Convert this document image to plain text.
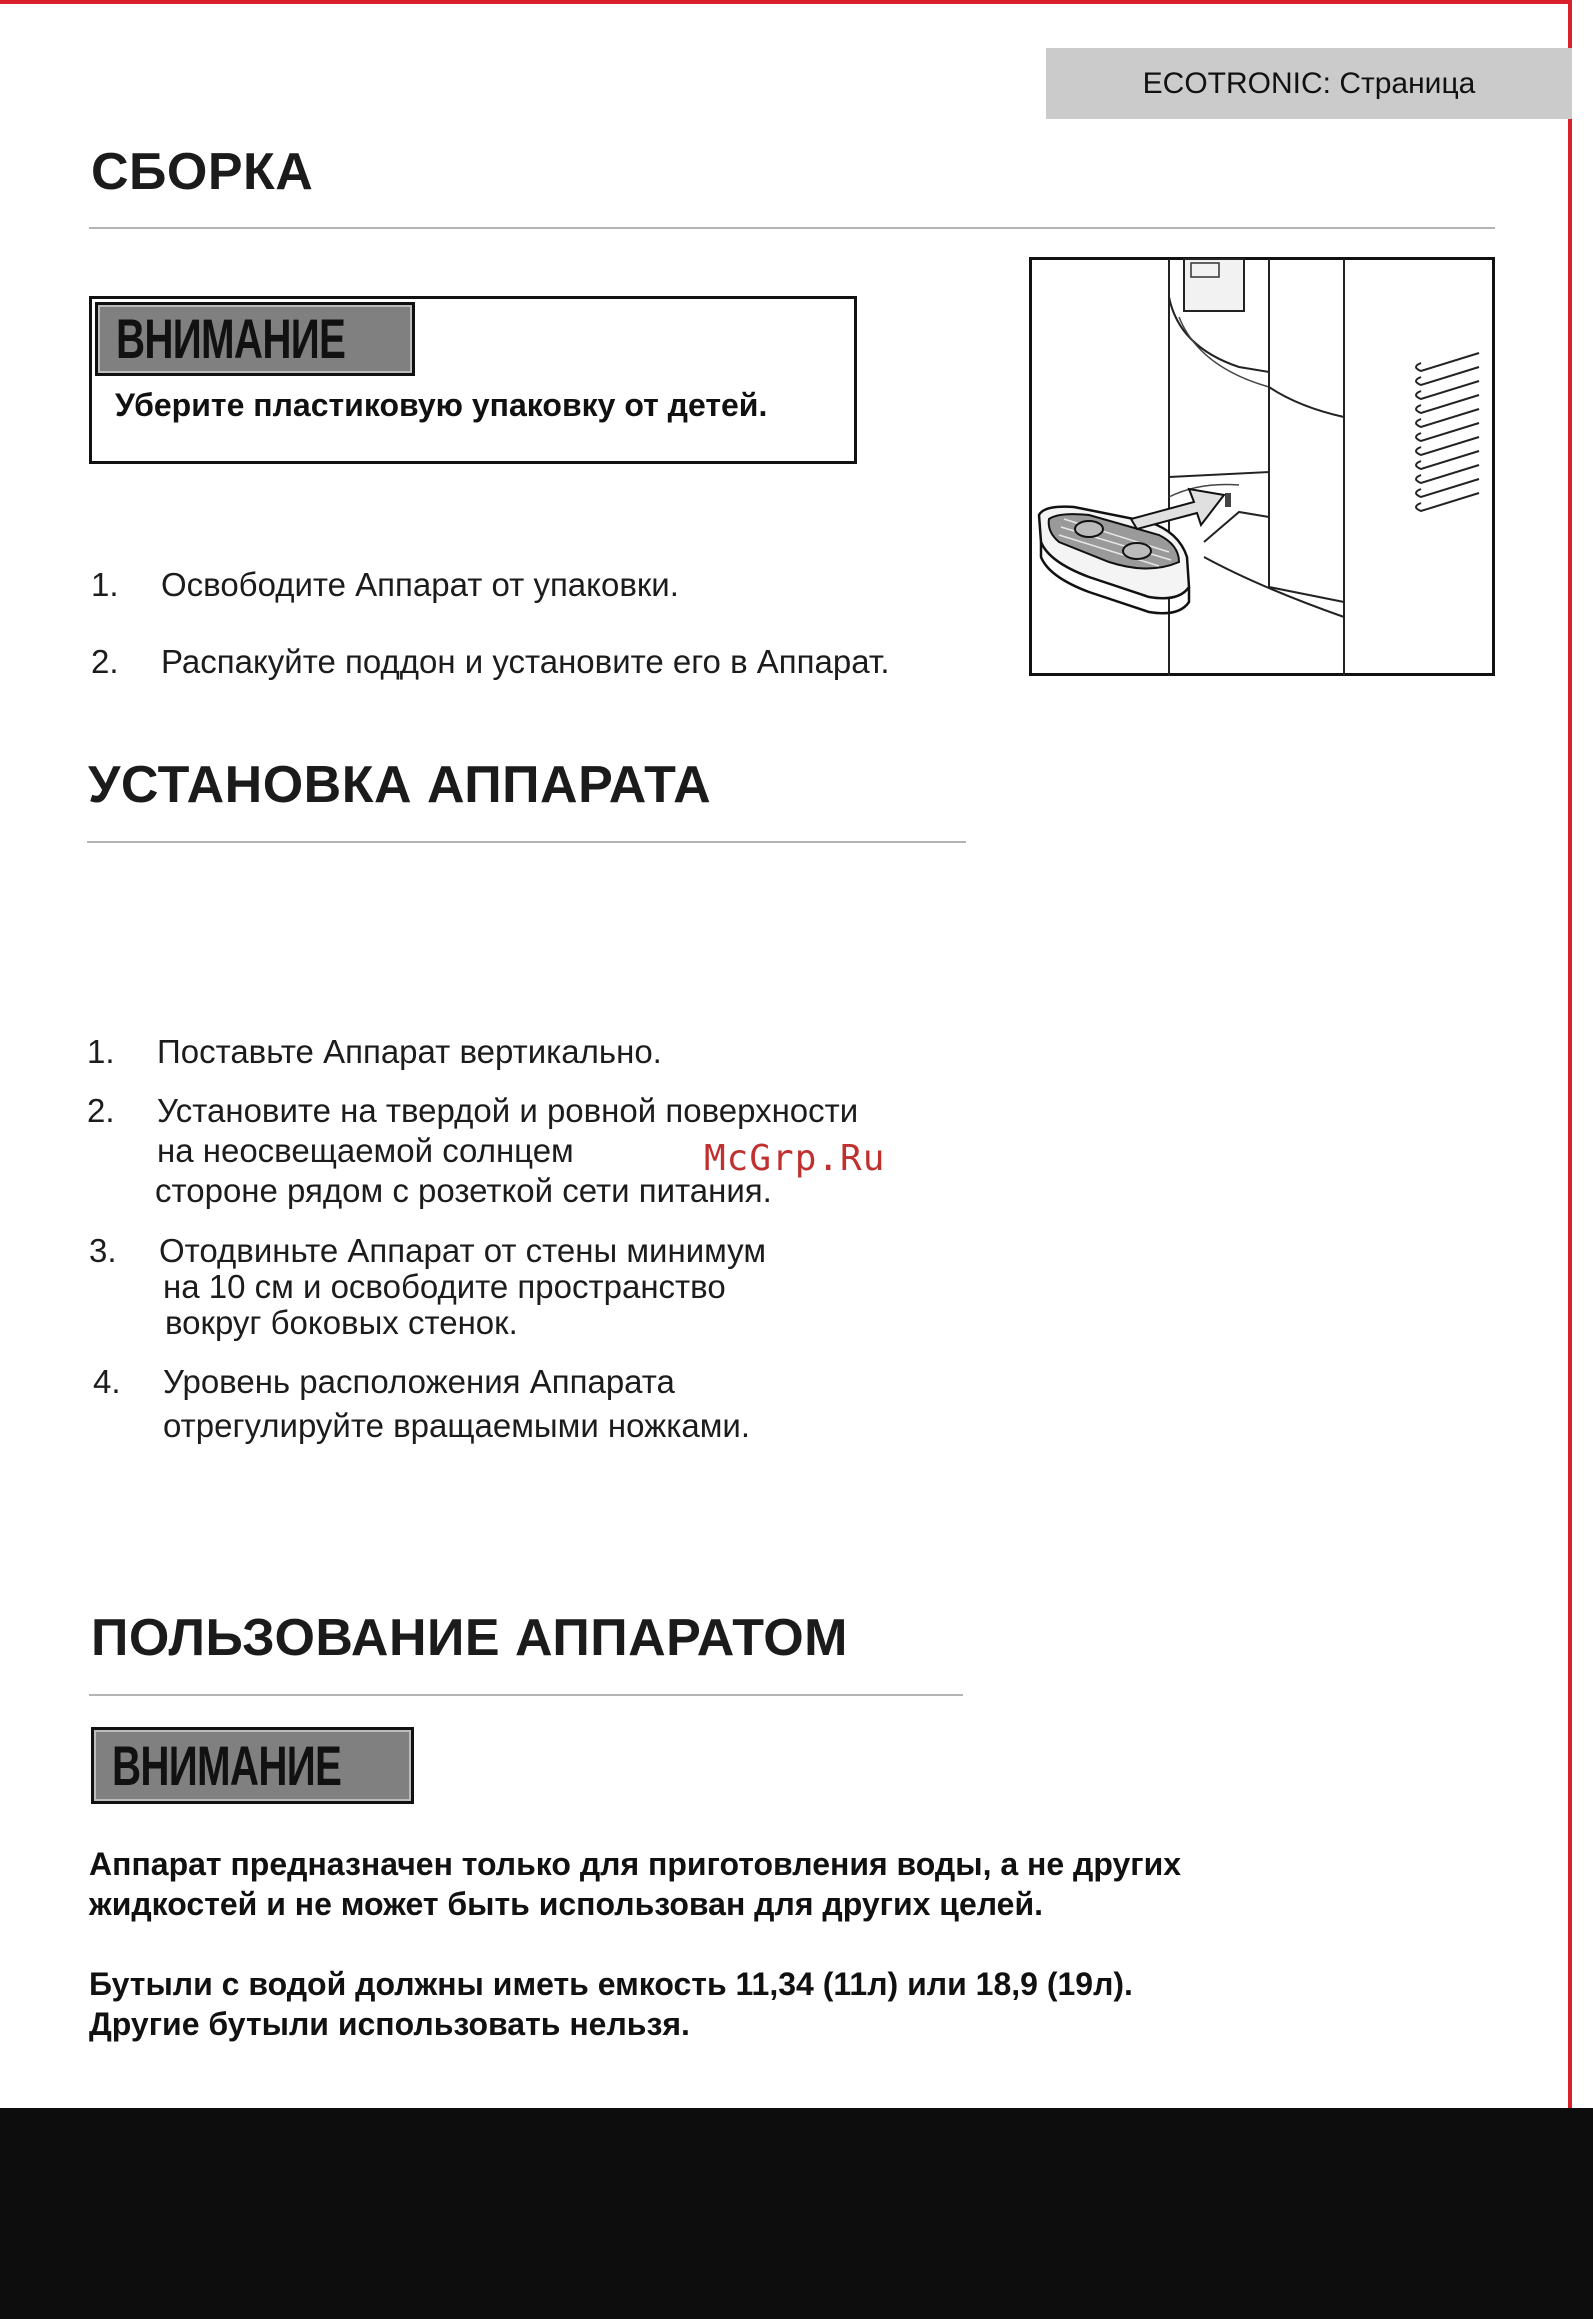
ECOTRONIC: Страница
СБОРКА
ВНИМАНИЕ
Уберите пластиковую упаковку от детей.
1. Освободите Аппарат от упаковки.
2. Распакуйте поддон и установите его в Аппарат.
УСТАНОВКА АППАРАТА
1. Поставьте Аппарат вертикально.
2. Установите на твердой и ровной поверхности
на неосвещаемой солнцем
стороне рядом с розеткой сети питания.
3. Отодвиньте Аппарат от стены минимум
на 10 см и освободите пространство
вокруг боковых стенок.
4. Уровень расположения Аппарата
отрегулируйте вращаемыми ножками.
McGrp.Ru
ПОЛЬЗОВАНИЕ АППАРАТОМ
ВНИМАНИЕ
Аппарат предназначен только для приготовления воды, а не других
жидкостей и не может быть использован для других целей.
Бутыли с водой должны иметь емкость 11,34 (11л) или 18,9 (19л).
Другие бутыли использовать нельзя.
